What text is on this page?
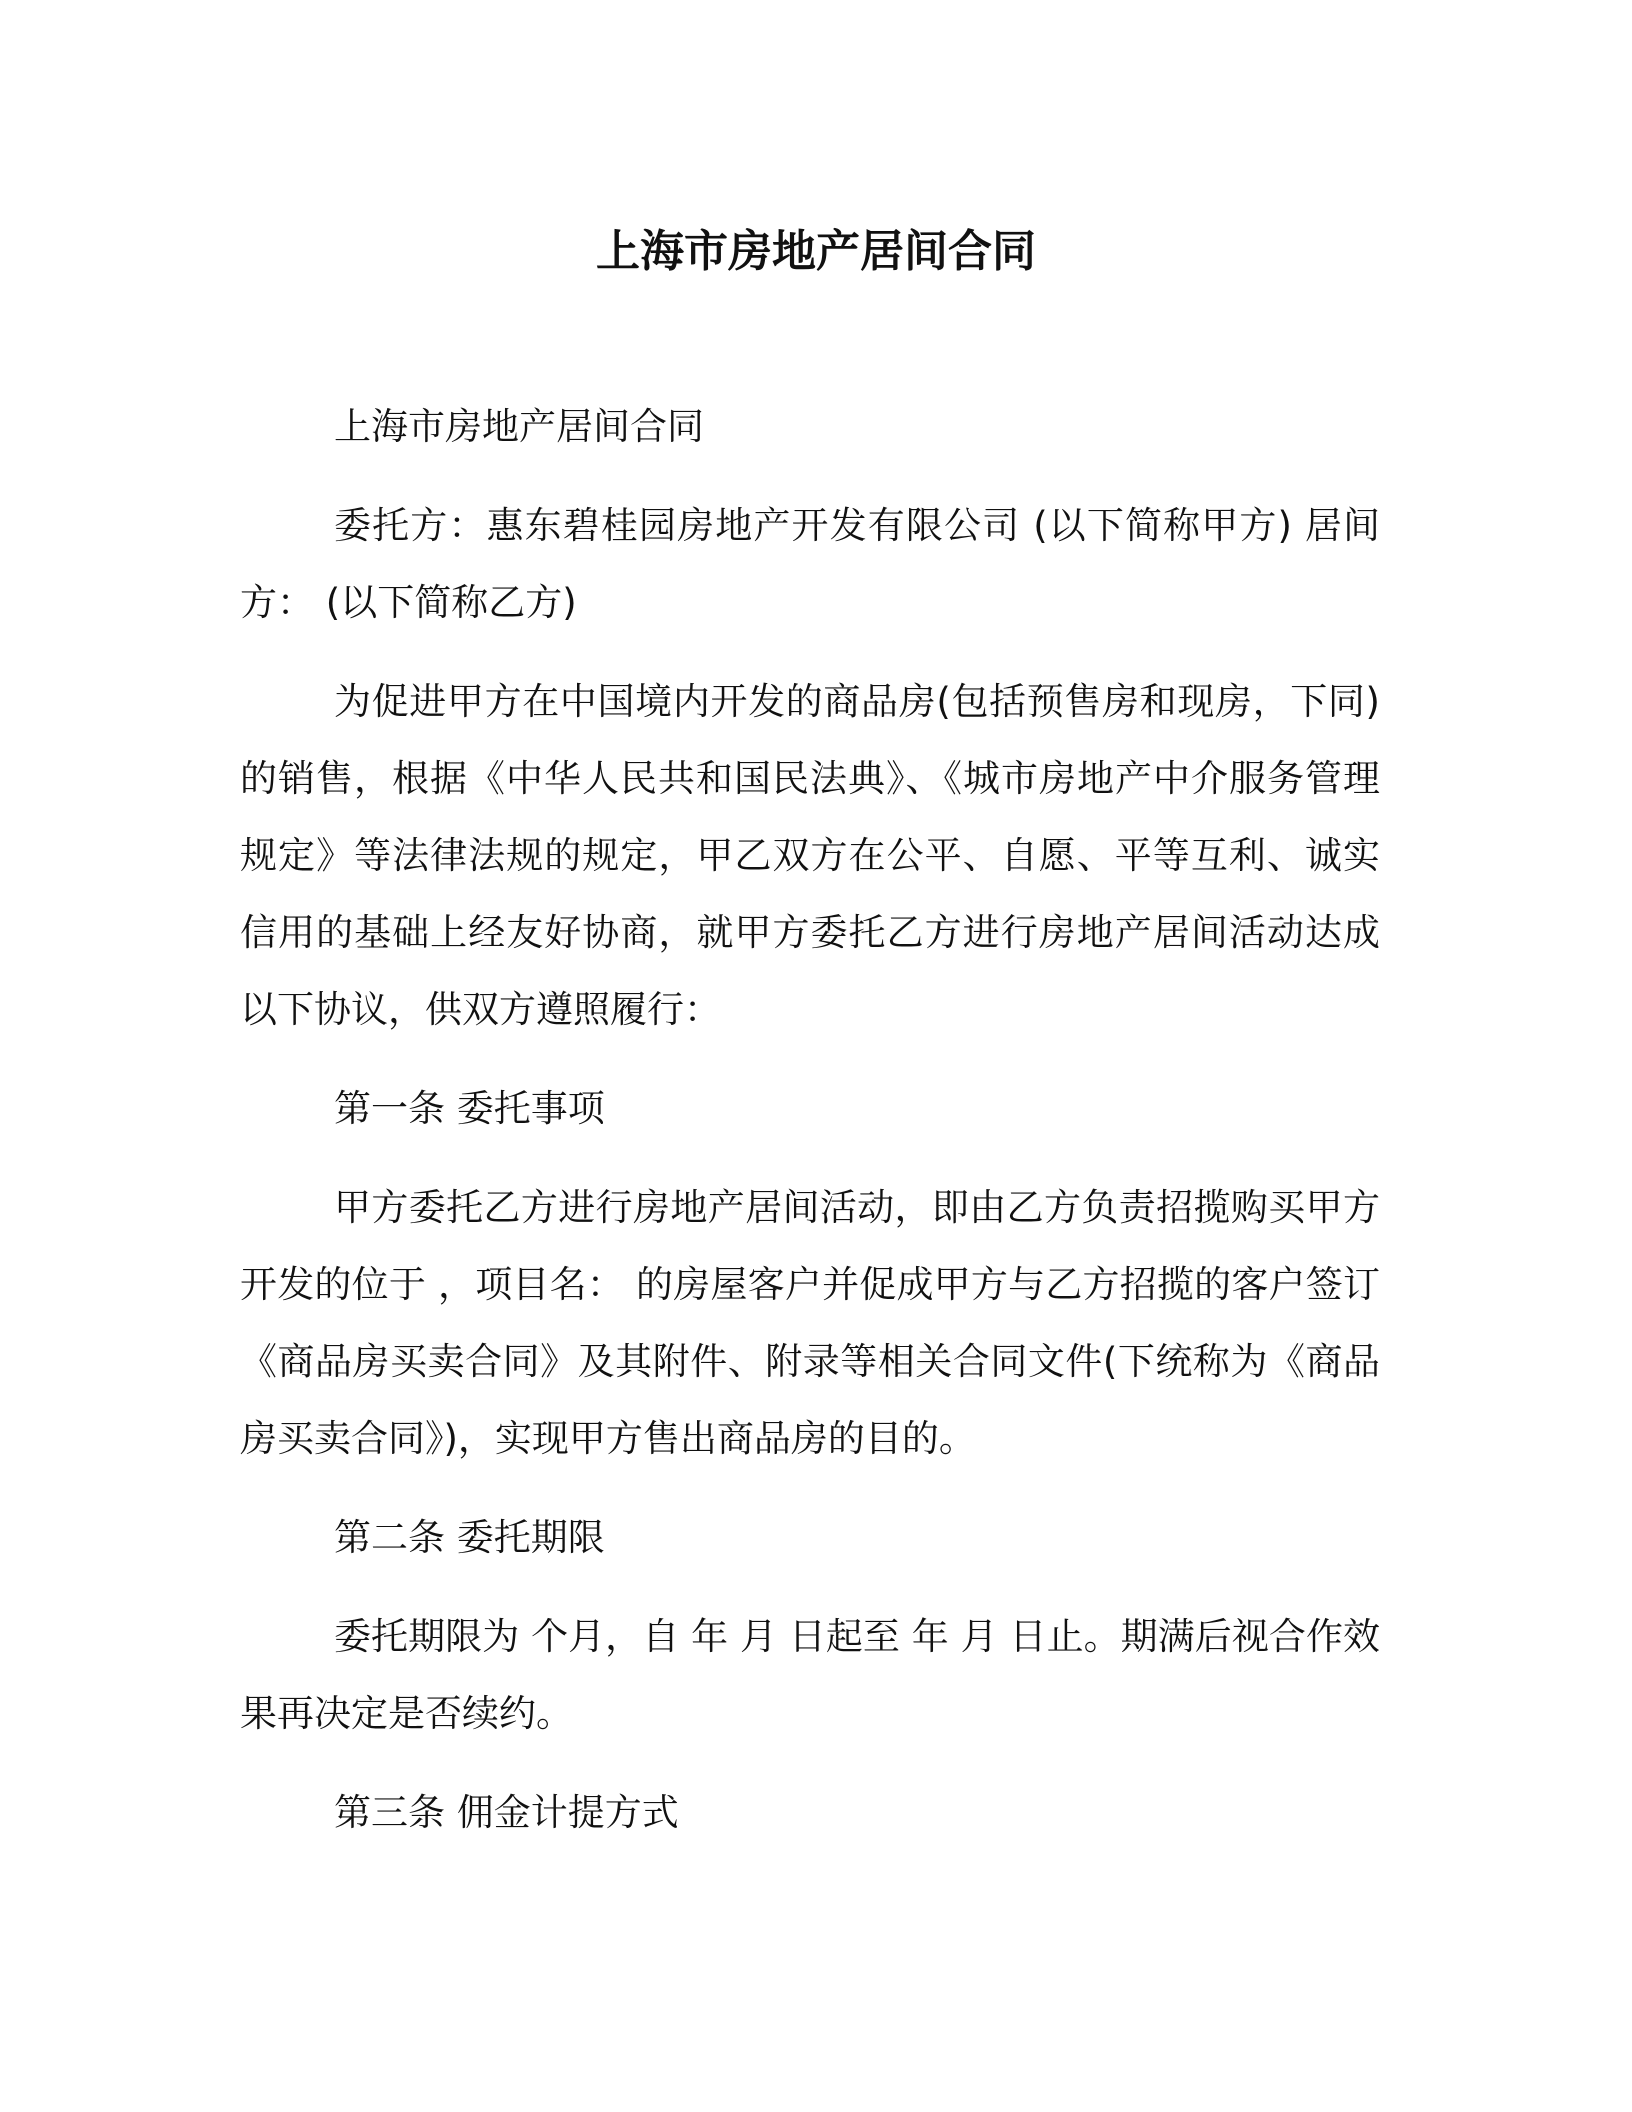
上海市房地产居间合同

上海市房地产居间合同

委托方：惠东碧桂园房地产开发有限公司 (以下简称甲方) 居间方： (以下简称乙方)

为促进甲方在中国境内开发的商品房(包括预售房和现房，下同)的销售，根据《中华人民共和国民法典》、《城市房地产中介服务管理规定》等法律法规的规定，甲乙双方在公平、自愿、平等互利、诚实信用的基础上经友好协商，就甲方委托乙方进行房地产居间活动达成以下协议，供双方遵照履行：

第一条 委托事项

甲方委托乙方进行房地产居间活动，即由乙方负责招揽购买甲方开发的位于 ，项目名： 的房屋客户并促成甲方与乙方招揽的客户签订《商品房买卖合同》及其附件、附录等相关合同文件(下统称为《商品房买卖合同》)，实现甲方售出商品房的目的。

第二条 委托期限

委托期限为 个月，自 年 月 日起至 年 月 日止。期满后视合作效果再决定是否续约。

第三条 佣金计提方式
